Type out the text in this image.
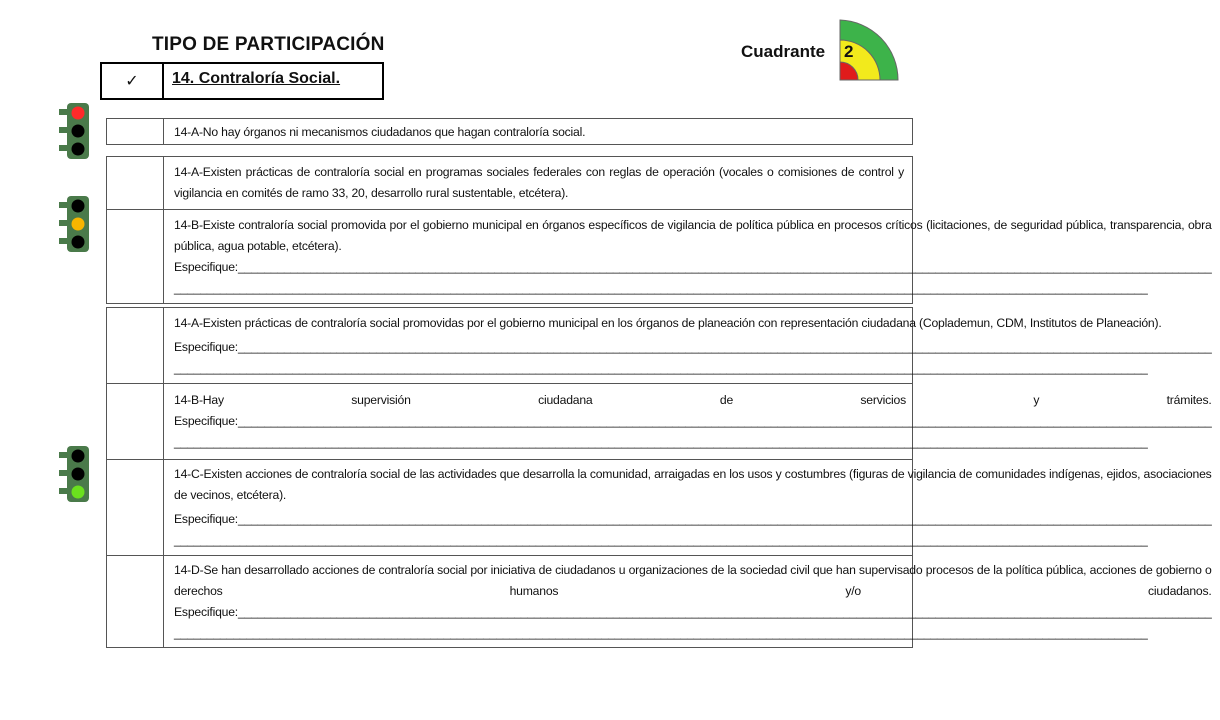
TIPO DE PARTICIPACIÓN	Cuadrante 2
✓	14. Contraloría Social.
14-A-No hay órganos ni mecanismos ciudadanos que hagan contraloría social.
14-A-Existen prácticas de contraloría social en programas sociales federales con reglas de operación (vocales o comisiones de control y vigilancia en comités de ramo 33, 20, desarrollo rural sustentable, etcétera).
14-B-Existe contraloría social promovida por el gobierno municipal en órganos específicos de vigilancia de política pública en procesos críticos (licitaciones, de seguridad pública, transparencia, obra pública, agua potable, etcétera).
Especifique:____________________________________________________________________________________________________________________________________________________
____________________________________________________________________________________________________________________________________________________
14-A-Existen prácticas de contraloría social promovidas por el gobierno municipal en los órganos de planeación con representación ciudadana (Coplademun, CDM, Institutos de Planeación).
Especifique:____________________________________________________________________________________________________________________________________________________
____________________________________________________________________________________________________________________________________________________
14-B-Hay	supervisión	ciudadana	de	servicios	y	trámites.
Especifique:____________________________________________________________________________________________________________________________________________________
____________________________________________________________________________________________________________________________________________________
14-C-Existen acciones de contraloría social de las actividades que desarrolla la comunidad, arraigadas en los usos y costumbres (figuras de vigilancia de comunidades indígenas, ejidos, asociaciones de vecinos, etcétera).
Especifique:____________________________________________________________________________________________________________________________________________________
____________________________________________________________________________________________________________________________________________________
14-D-Se han desarrollado acciones de contraloría social por iniciativa de ciudadanos u organizaciones de la sociedad civil que han supervisado procesos de la política pública, acciones de gobierno o derechos humanos y/o ciudadanos. Especifique:____________________________________________________________________________________________________________________________________________________
____________________________________________________________________________________________________________________________________________________
